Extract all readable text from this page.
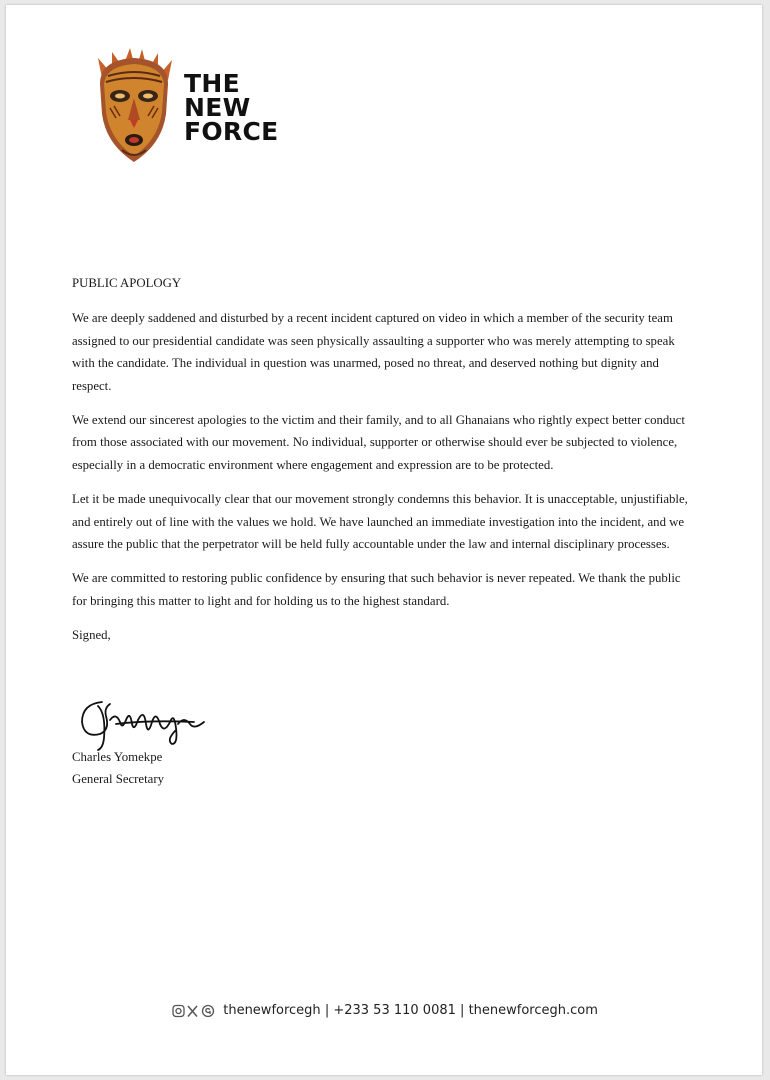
THE
NEW
FORCE

PUBLIC APOLOGY

We are deeply saddened and disturbed by a recent incident captured on video in which a member of the security team assigned to our presidential candidate was seen physically assaulting a supporter who was merely attempting to speak with the candidate. The individual in question was unarmed, posed no threat, and deserved nothing but dignity and respect.

We extend our sincerest apologies to the victim and their family, and to all Ghanaians who rightly expect better conduct from those associated with our movement. No individual, supporter or otherwise should ever be subjected to violence, especially in a democratic environment where engagement and expression are to be protected.

Let it be made unequivocally clear that our movement strongly condemns this behavior. It is unacceptable, unjustifiable, and entirely out of line with the values we hold. We have launched an immediate investigation into the incident, and we assure the public that the perpetrator will be held fully accountable under the law and internal disciplinary processes.

We are committed to restoring public confidence by ensuring that such behavior is never repeated. We thank the public for bringing this matter to light and for holding us to the highest standard.

Signed,

Charles Yomekpe
General Secretary
thenewforcegh | +233 53 110 0081 | thenewforcegh.com
